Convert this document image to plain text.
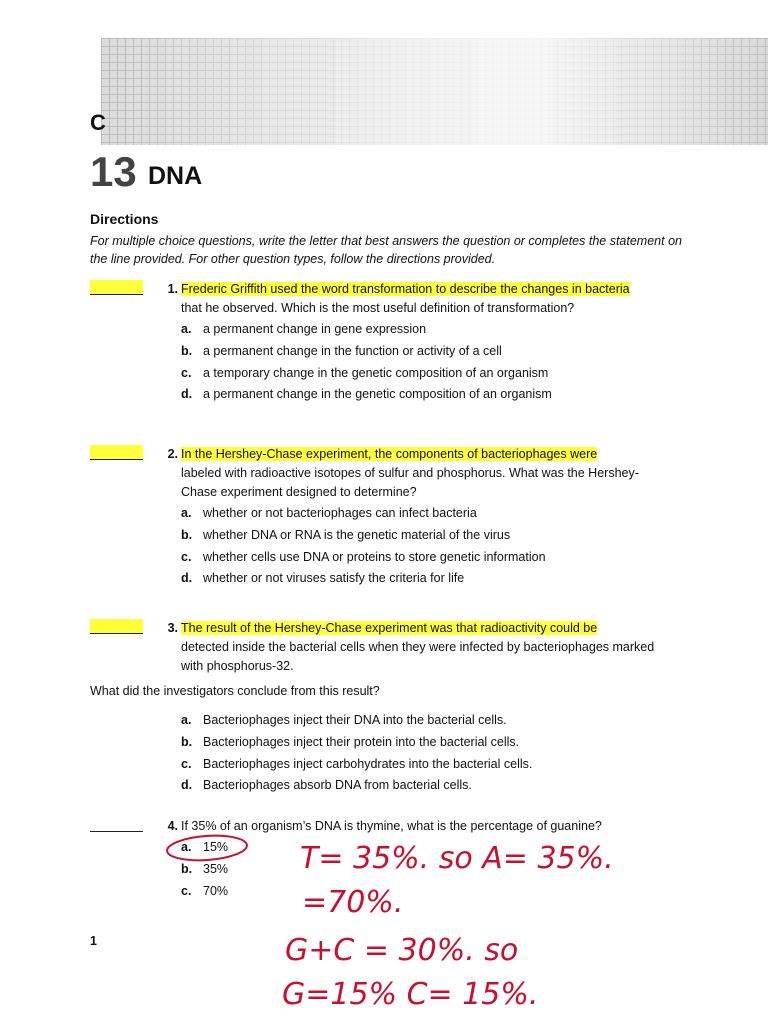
C
13 DNA
Directions
For multiple choice questions, write the letter that best answers the question or completes the statement on the line provided. For other question types, follow the directions provided.
1. Frederic Griffith used the word transformation to describe the changes in bacteria
that he observed. Which is the most useful definition of transformation?
a. a permanent change in gene expression
b. a permanent change in the function or activity of a cell
c. a temporary change in the genetic composition of an organism
d. a permanent change in the genetic composition of an organism
2. In the Hershey-Chase experiment, the components of bacteriophages were
labeled with radioactive isotopes of sulfur and phosphorus. What was the Hershey-Chase experiment designed to determine?
a. whether or not bacteriophages can infect bacteria
b. whether DNA or RNA is the genetic material of the virus
c. whether cells use DNA or proteins to store genetic information
d. whether or not viruses satisfy the criteria for life
3. The result of the Hershey-Chase experiment was that radioactivity could be
detected inside the bacterial cells when they were infected by bacteriophages marked with phosphorus-32.
What did the investigators conclude from this result?
a. Bacteriophages inject their DNA into the bacterial cells.
b. Bacteriophages inject their protein into the bacterial cells.
c. Bacteriophages inject carbohydrates into the bacterial cells.
d. Bacteriophages absorb DNA from bacterial cells.
4. If 35% of an organism’s DNA is thymine, what is the percentage of guanine?
a. 15%
b. 35%
c. 70%
1
T= 35%. so A= 35%.
=70%.
G+C = 30%. so
G=15% C= 15%.
